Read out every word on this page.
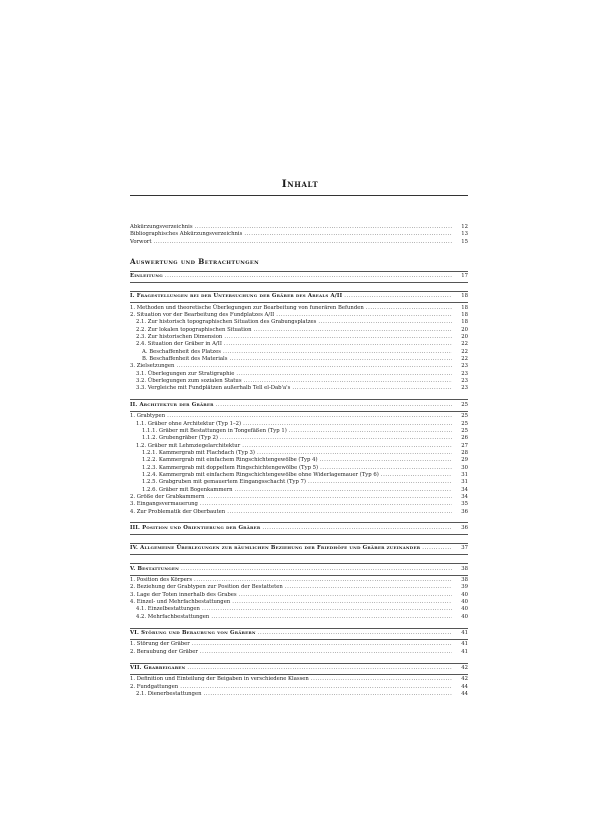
Inhalt
Abkürzungsverzeichnis .....	12
Bibliographisches Abkürzungsverzeichnis .....	13
Vorwort .....	15
Auswertung und Betrachtungen
Einleitung .....	17
I. Fragestellungen bei der Untersuchung der Gräber des Areals A/II .....	18
1. Methoden und theoretische Überlegungen zur Bearbeitung von funerären Befunden .....	18
2. Situation vor der Bearbeitung des Fundplatzes A/II .....	18
2.1. Zur historisch topographischen Situation des Grabungsplatzes .....	18
2.2. Zur lokalen topographischen Situation .....	20
2.3. Zur historischen Dimension .....	20
2.4. Situation der Gräber in A/II .....	22
A. Beschaffenheit des Platzes .....	22
B. Beschaffenheit des Materials .....	22
3. Zielsetzungen .....	23
3.1. Überlegungen zur Stratigraphie .....	23
3.2. Überlegungen zum sozialen Status .....	23
3.3. Vergleiche mit Fundplätzen außerhalb Tell el-Dab'a's .....	23
II. Architektur der Gräber .....	25
1. Grabtypen .....	25
1.1. Gräber ohne Architektur (Typ 1–2) .....	25
1.1.1. Gräber mit Bestattungen in Tongefäßen (Typ 1) .....	25
1.1.2. Grubengräber (Typ 2) .....	26
1.2. Gräber mit Lehmziegelarchitektur .....	27
1.2.1. Kammergrab mit Flachdach (Typ 3) .....	28
1.2.2. Kammergrab mit einfachem Ringschichtengewölbe (Typ 4) .....	29
1.2.3. Kammergrab mit doppeltem Ringschichtengewölbe (Typ 5) .....	30
1.2.4. Kammergrab mit einfachem Ringschichtengewölbe ohne Widerlagemauer (Typ 6) .....	31
1.2.5. Grabgruben mit gemauertem Eingangsschacht (Typ 7) .....	31
1.2.6. Gräber mit Bogenkammern .....	34
2. Größe der Grabkammern .....	34
3. Eingangsvermauerung .....	35
4. Zur Problematik der Oberbauten .....	36
III. Position und Orientierung der Gräber .....	36
IV. Allgemeine Überlegungen zur räumlichen Beziehung der Friedhöfe und Gräber zueinander .....	37
V. Bestattungen .....	38
1. Position des Körpers .....	38
2. Beziehung der Grabtypen zur Position der Bestatteten .....	39
3. Lage der Toten innerhalb des Grabes .....	40
4. Einzel- und Mehrfachbestattungen .....	40
4.1. Einzelbestattungen .....	40
4.2. Mehrfachbestattungen .....	40
VI. Störung und Beraubung von Gräbern .....	41
1. Störung der Gräber .....	41
2. Beraubung der Gräber .....	41
VII. Grabbeigaben .....	42
1. Definition und Einteilung der Beigaben in verschiedene Klassen .....	42
2. Fundgattungen .....	44
2.1. Dienerbestattungen .....	44
